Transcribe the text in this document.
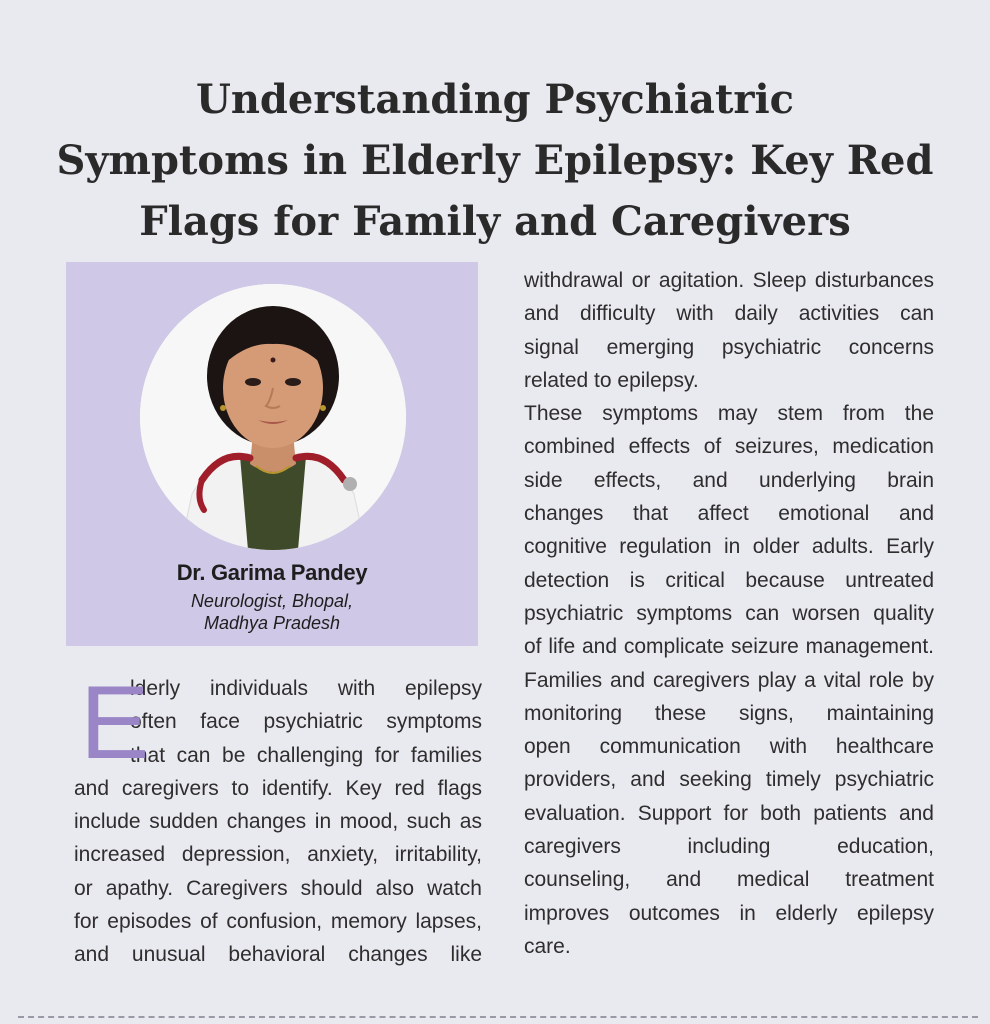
Understanding Psychiatric
Symptoms in Elderly Epilepsy: Key Red
Flags for Family and Caregivers
Dr. Garima Pandey
Neurologist, Bhopal,
Madhya Pradesh
E
lderly individuals with epilepsy
often face psychiatric symptoms
that can be challenging for families
and caregivers to identify. Key red flags
include sudden changes in mood, such as
increased depression, anxiety, irritability,
or apathy. Caregivers should also watch
for episodes of confusion, memory lapses,
and unusual behavioral changes like
withdrawal or agitation. Sleep disturbances
and difficulty with daily activities can
signal emerging psychiatric concerns
related to epilepsy.
These symptoms may stem from the
combined effects of seizures, medication
side effects, and underlying brain
changes that affect emotional and
cognitive regulation in older adults. Early
detection is critical because untreated
psychiatric symptoms can worsen quality
of life and complicate seizure management.
Families and caregivers play a vital role by
monitoring these signs, maintaining
open communication with healthcare
providers, and seeking timely psychiatric
evaluation. Support for both patients and
caregivers including education,
counseling, and medical treatment
improves outcomes in elderly epilepsy
care.
